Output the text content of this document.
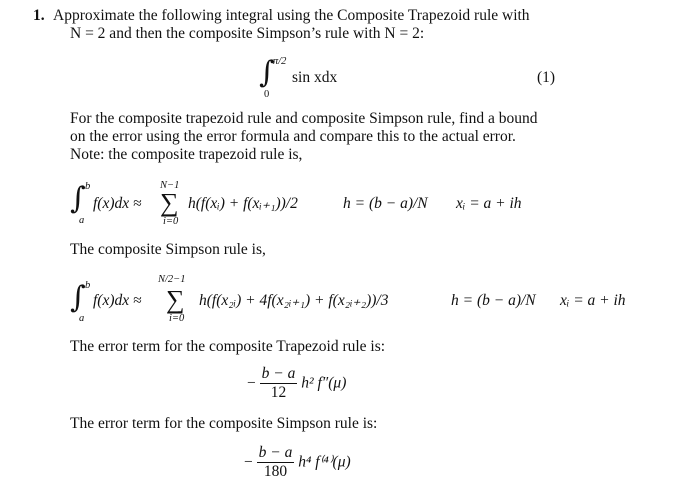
1. Approximate the following integral using the Composite Trapezoid rule with
N = 2 and then the composite Simpson’s rule with N = 2:
∫
π/2
0
sin xdx	(1)
For the composite trapezoid rule and composite Simpson rule, find a bound
on the error using the error formula and compare this to the actual error.
Note: the composite trapezoid rule is,
∫ b
a
f(x)dx ≈
N−1
∑
i=0
h(f(xᵢ) + f(xᵢ₊₁))/2	h = (b − a)/N xᵢ = a + ih
The composite Simpson rule is,
∫ b
a
f(x)dx ≈
N/2−1
∑
i=0
h(f(x₂ᵢ) + 4f(x₂ᵢ₊₁) + f(x₂ᵢ₊₂))/3	h = (b − a)/N xᵢ = a + ih
The error term for the composite Trapezoid rule is:
− $\frac{b - a}{12} h^2$ f″(μ)
The error term for the composite Simpson rule is:
− $\frac{b - a}{180} h^4$ f⁽⁴⁾(μ)
